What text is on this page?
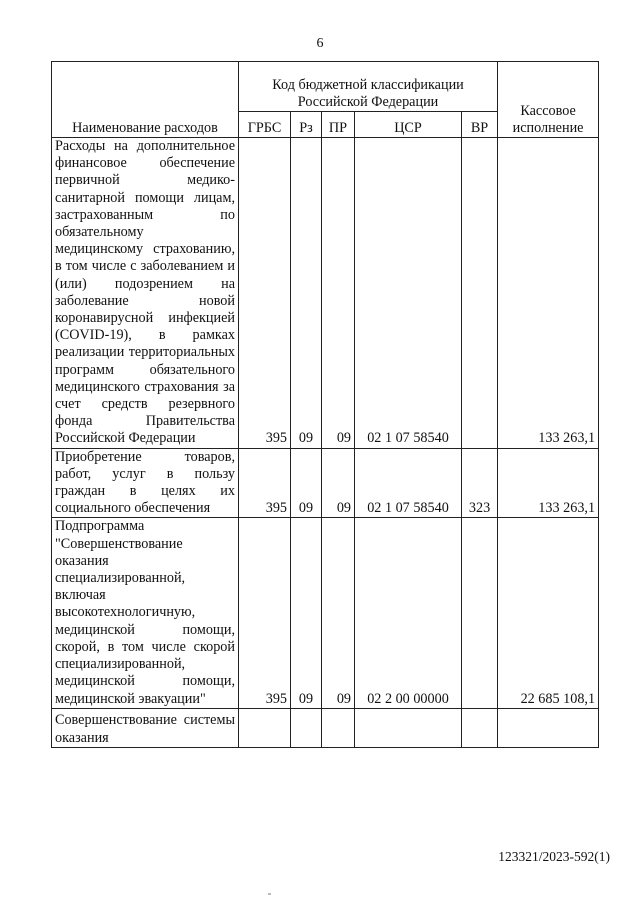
6
Наименование расходов	Код бюджетной классификации Российской Федерации					Кассовое исполнение
	ГРБС	Рз	ПР	ЦСР	ВР	
Расходы на дополнительное финансовое обеспечение первичной медико-санитарной помощи лицам, застрахованным по обязательному медицинскому страхованию, в том числе с заболеванием и (или) подозрением на заболевание новой коронавирусной инфекцией (COVID-19), в рамках реализации территориальных программ обязательного медицинского страхования за счет средств резервного фонда Правительства Российской Федерации	395	09	09	02 1 07 58540		133 263,1
Приобретение товаров, работ, услуг в пользу граждан в целях их социального обеспечения	395	09	09	02 1 07 58540	323	133 263,1
Подпрограмма "Совершенствование оказания специализированной, включая высокотехнологичную, медицинской помощи, скорой, в том числе скорой специализированной, медицинской помощи, медицинской эвакуации"	395	09	09	02 2 00 00000		22 685 108,1
Совершенствование системы оказания						
123321/2023-592(1)
